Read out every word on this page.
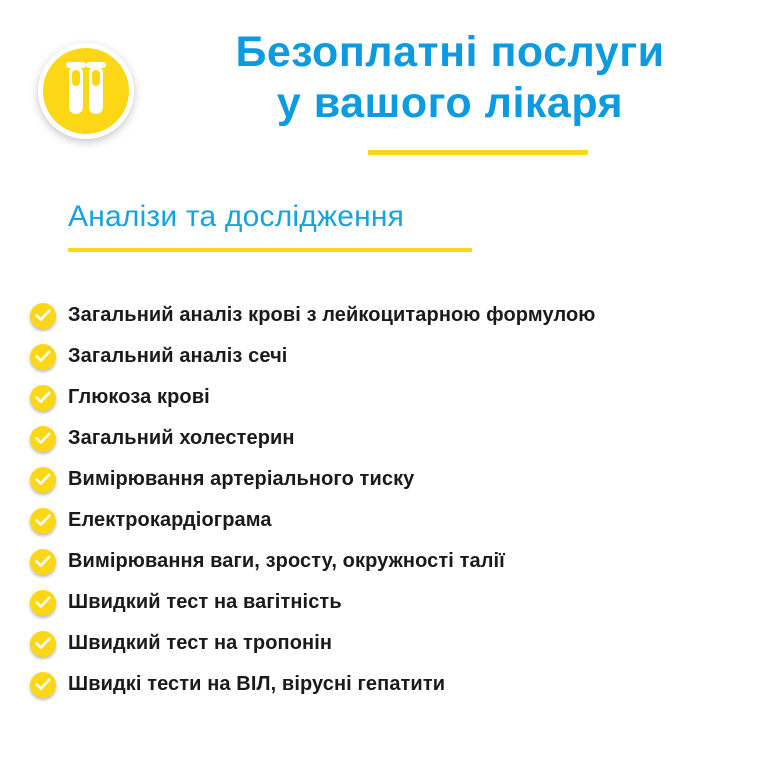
Безоплатні послуги
у вашого лікаря
Аналізи та дослідження
Загальний аналіз крові з лейкоцитарною формулою
Загальний аналіз сечі
Глюкоза крові
Загальний холестерин
Вимірювання артеріального тиску
Електрокардіограма
Вимірювання ваги, зросту, окружності талії
Швидкий тест на вагітність
Швидкий тест на тропонін
Швидкі тести на ВІЛ, вірусні гепатити
